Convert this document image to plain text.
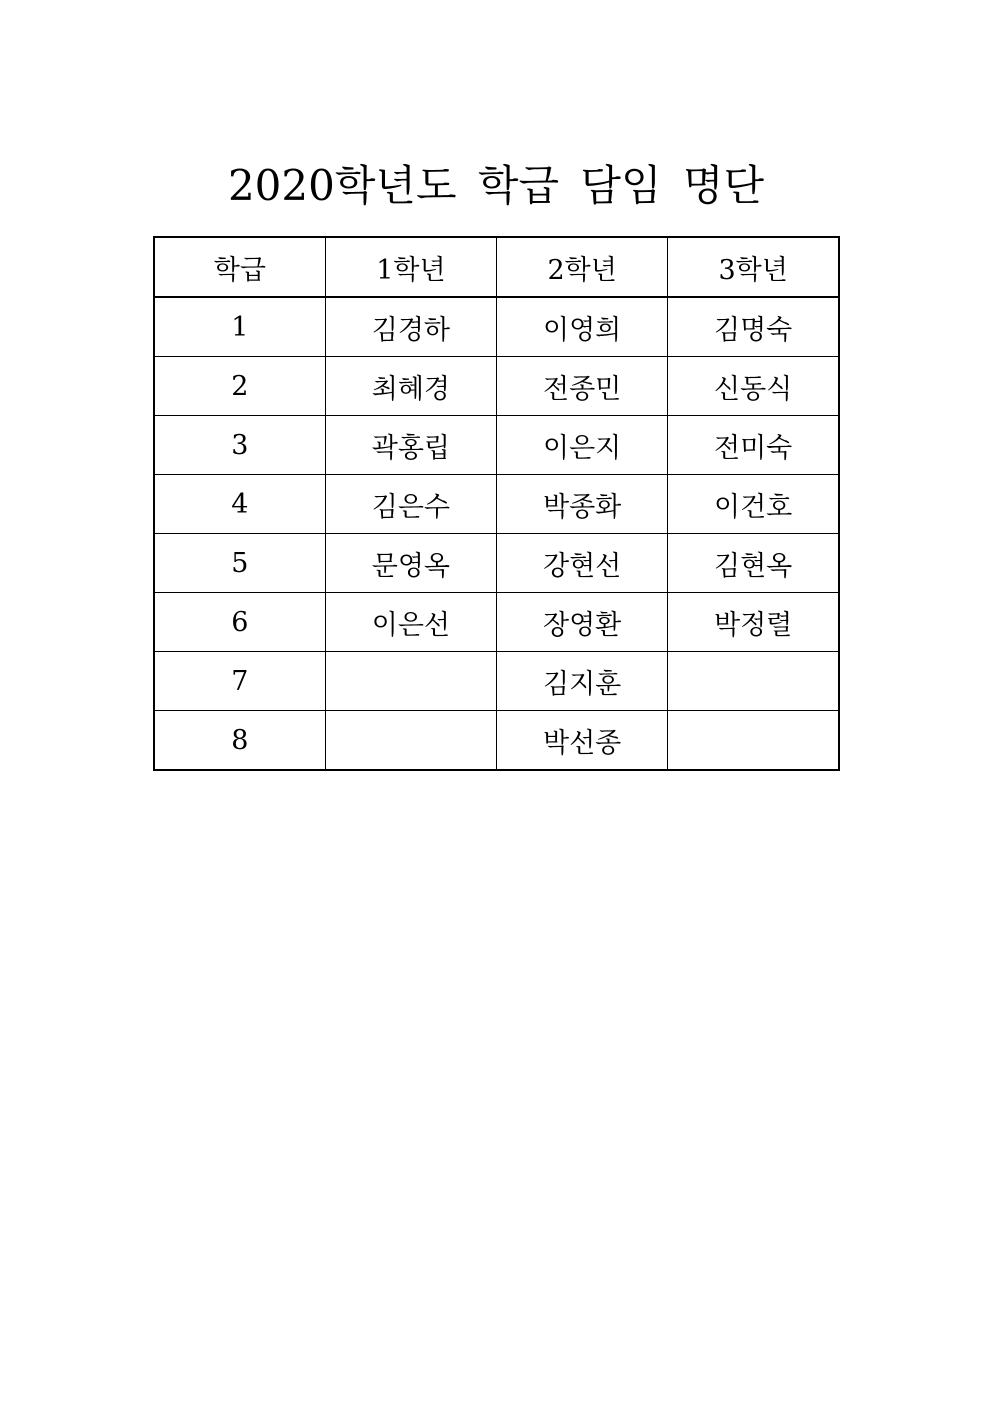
2020학년도 학급 담임 명단
학급	1학년	2학년	3학년
1	김경하	이영희	김명숙
2	최혜경	전종민	신동식
3	곽홍립	이은지	전미숙
4	김은수	박종화	이건호
5	문영옥	강현선	김현옥
6	이은선	장영환	박정렬
7		김지훈	
8		박선종	
